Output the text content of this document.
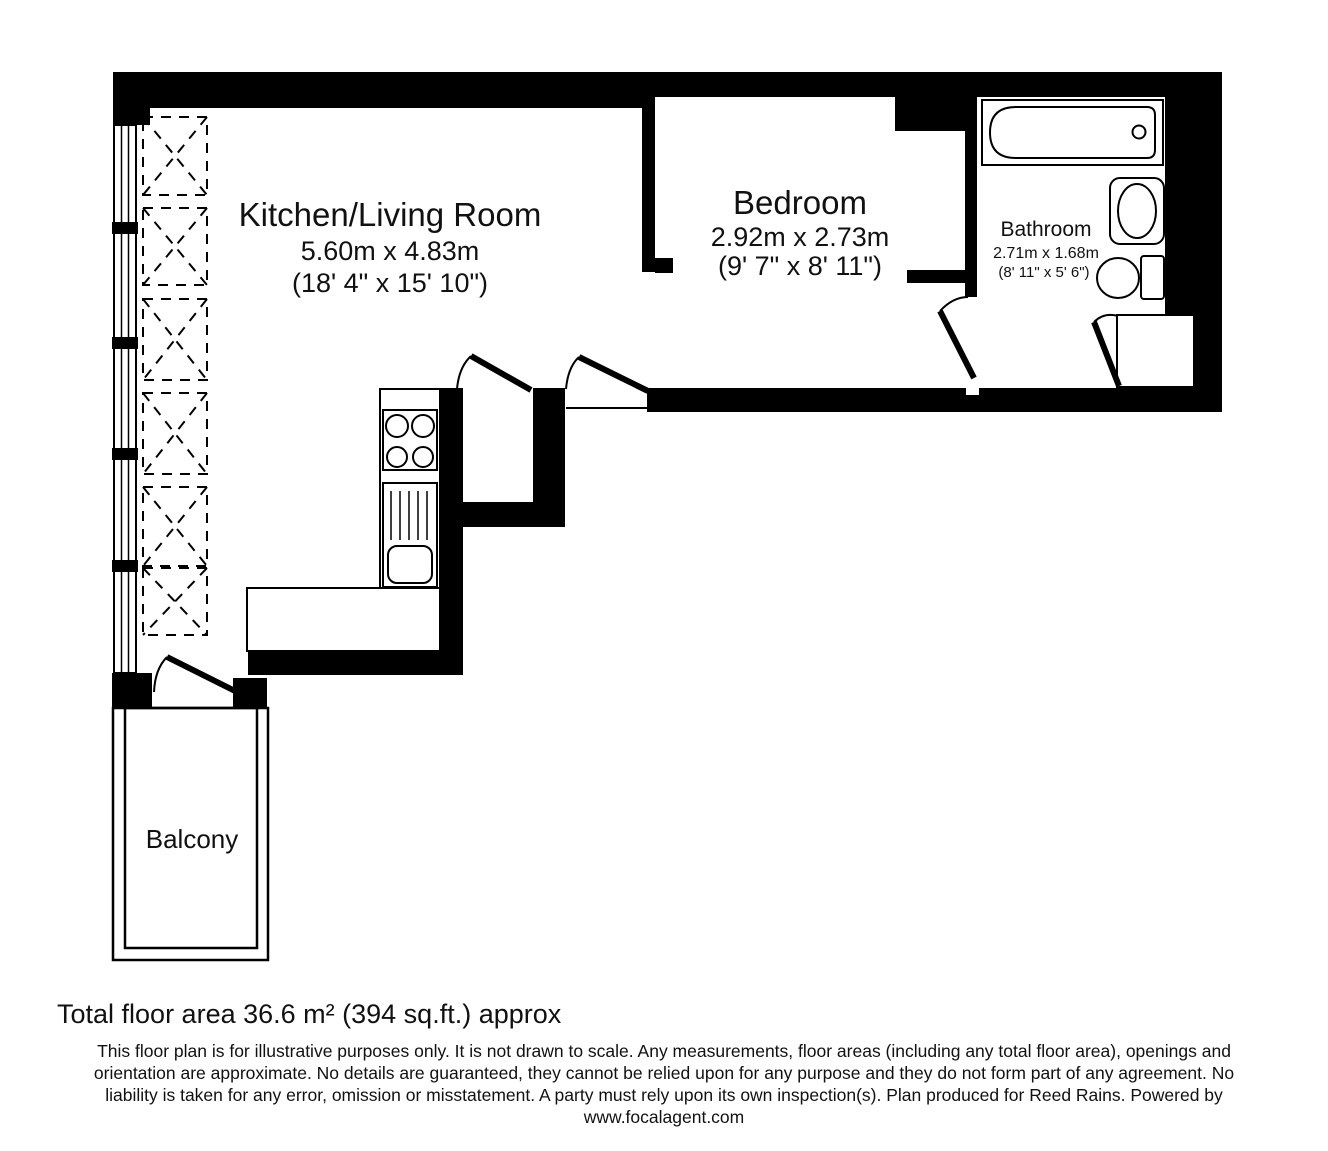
Kitchen/Living Room
5.60m x 4.83m
(18' 4" x 15' 10")
Bedroom
2.92m x 2.73m
(9' 7" x 8' 11")
Bathroom
2.71m x 1.68m
(8' 11" x 5' 6")
Balcony
Total floor area 36.6 m² (394 sq.ft.) approx
This floor plan is for illustrative purposes only. It is not drawn to scale. Any measurements, floor areas (including any total floor area), openings and
orientation are approximate. No details are guaranteed, they cannot be relied upon for any purpose and they do not form part of any agreement. No
liability is taken for any error, omission or misstatement. A party must rely upon its own inspection(s). Plan produced for Reed Rains. Powered by
www.focalagent.com
